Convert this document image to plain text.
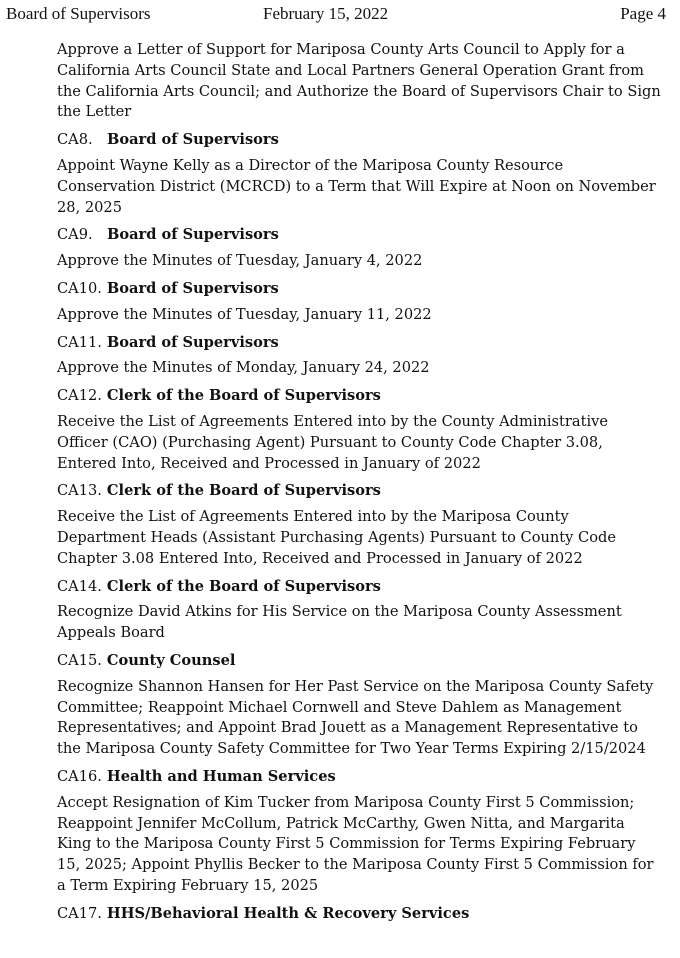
Board of Supervisors	February 15, 2022	Page 4

Approve a Letter of Support for Mariposa County Arts Council to Apply for a California Arts Council State and Local Partners General Operation Grant from the California Arts Council; and Authorize the Board of Supervisors Chair to Sign the Letter

CA8. Board of Supervisors

Appoint Wayne Kelly as a Director of the Mariposa County Resource Conservation District (MCRCD) to a Term that Will Expire at Noon on November 28, 2025

CA9. Board of Supervisors

Approve the Minutes of Tuesday, January 4, 2022

CA10. Board of Supervisors

Approve the Minutes of Tuesday, January 11, 2022

CA11. Board of Supervisors

Approve the Minutes of Monday, January 24, 2022

CA12. Clerk of the Board of Supervisors

Receive the List of Agreements Entered into by the County Administrative Officer (CAO) (Purchasing Agent) Pursuant to County Code Chapter 3.08, Entered Into, Received and Processed in January of 2022

CA13. Clerk of the Board of Supervisors

Receive the List of Agreements Entered into by the Mariposa County Department Heads (Assistant Purchasing Agents) Pursuant to County Code Chapter 3.08 Entered Into, Received and Processed in January of 2022

CA14. Clerk of the Board of Supervisors

Recognize David Atkins for His Service on the Mariposa County Assessment Appeals Board

CA15. County Counsel

Recognize Shannon Hansen for Her Past Service on the Mariposa County Safety Committee; Reappoint Michael Cornwell and Steve Dahlem as Management Representatives; and Appoint Brad Jouett as a Management Representative to the Mariposa County Safety Committee for Two Year Terms Expiring 2/15/2024

CA16. Health and Human Services

Accept Resignation of Kim Tucker from Mariposa County First 5 Commission; Reappoint Jennifer McCollum, Patrick McCarthy, Gwen Nitta, and Margarita King to the Mariposa County First 5 Commission for Terms Expiring February 15, 2025; Appoint Phyllis Becker to the Mariposa County First 5 Commission for a Term Expiring February 15, 2025

CA17. HHS/Behavioral Health & Recovery Services
